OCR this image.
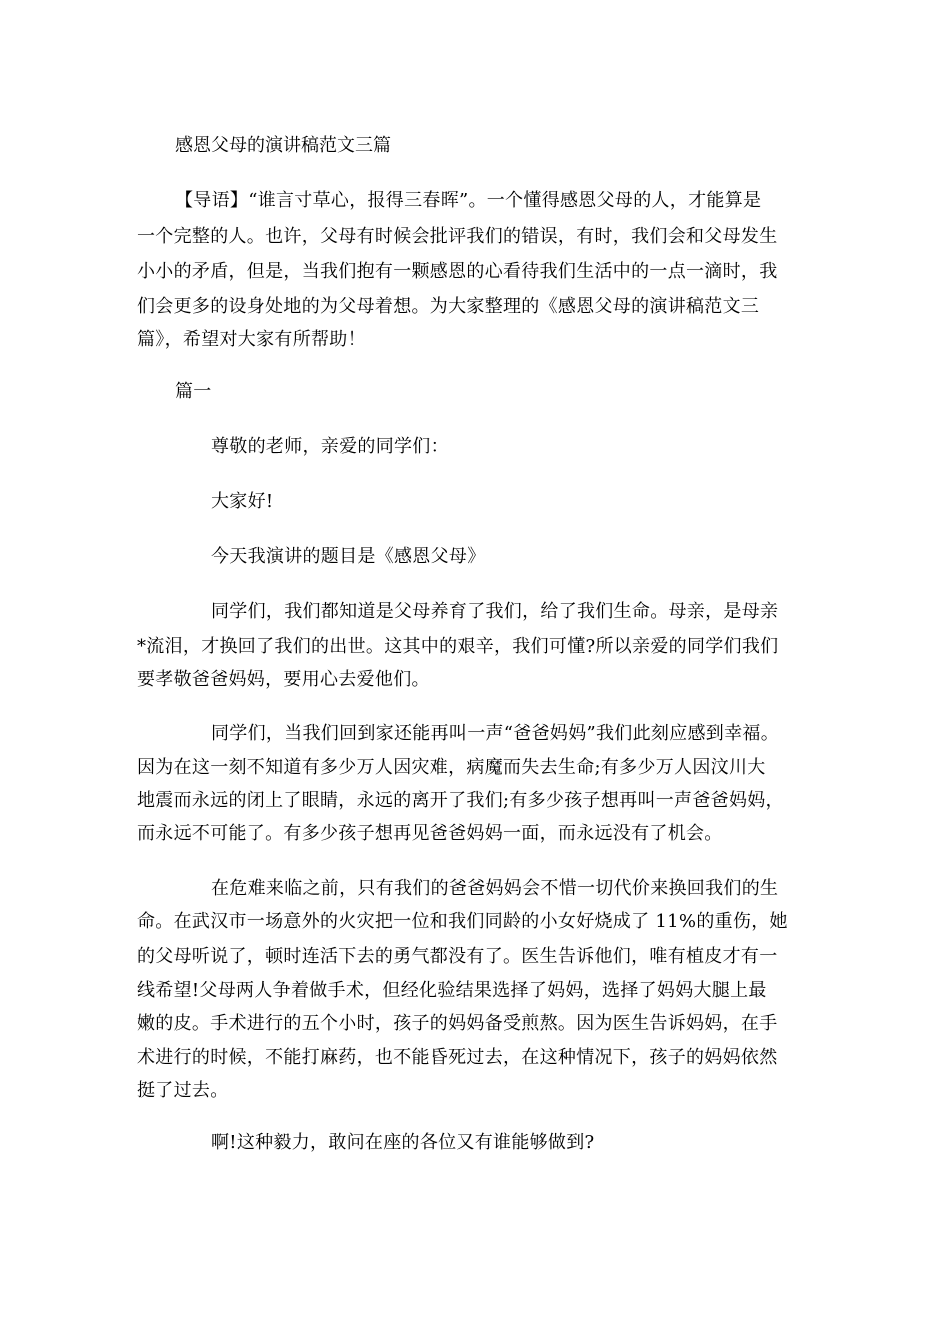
感恩父母的演讲稿范文三篇
【导语】“谁言寸草心，报得三春晖”。一个懂得感恩父母的人，才能算是
一个完整的人。也许，父母有时候会批评我们的错误，有时，我们会和父母发生
小小的矛盾，但是，当我们抱有一颗感恩的心看待我们生活中的一点一滴时，我
们会更多的设身处地的为父母着想。为大家整理的《感恩父母的演讲稿范文三
篇》，希望对大家有所帮助！
篇一
尊敬的老师，亲爱的同学们：
大家好!
今天我演讲的题目是《感恩父母》
同学们，我们都知道是父母养育了我们，给了我们生命。母亲，是母亲
*流泪，才换回了我们的出世。这其中的艰辛，我们可懂?所以亲爱的同学们我们
要孝敬爸爸妈妈，要用心去爱他们。
同学们，当我们回到家还能再叫一声“爸爸妈妈”我们此刻应感到幸福。
因为在这一刻不知道有多少万人因灾难，病魔而失去生命;有多少万人因汶川大
地震而永远的闭上了眼睛，永远的离开了我们;有多少孩子想再叫一声爸爸妈妈，
而永远不可能了。有多少孩子想再见爸爸妈妈一面，而永远没有了机会。
在危难来临之前，只有我们的爸爸妈妈会不惜一切代价来换回我们的生
命。在武汉市一场意外的火灾把一位和我们同龄的小女好烧成了 11%的重伤，她
的父母听说了，顿时连活下去的勇气都没有了。医生告诉他们，唯有植皮才有一
线希望!父母两人争着做手术，但经化验结果选择了妈妈，选择了妈妈大腿上最
嫩的皮。手术进行的五个小时，孩子的妈妈备受煎熬。因为医生告诉妈妈，在手
术进行的时候，不能打麻药，也不能昏死过去，在这种情况下，孩子的妈妈依然
挺了过去。
啊!这种毅力，敢问在座的各位又有谁能够做到?
